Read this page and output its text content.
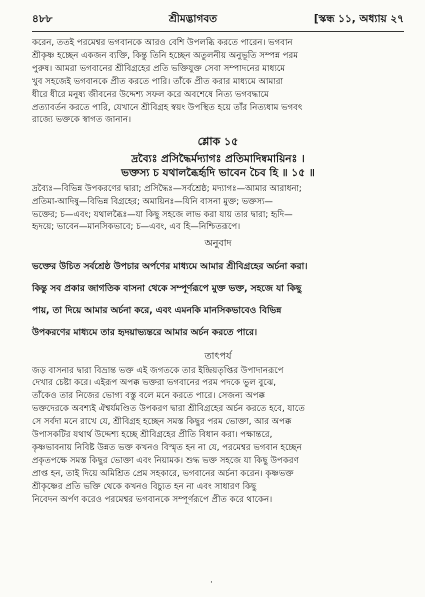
৪৮৮	শ্রীমদ্ভাগবত	[স্কন্ধ ১১, অধ্যায় ২৭

করেন, ততই পরমেশ্বর ভগবানকে আরও বেশি উপলব্ধি করতে পারেন। ভগবান

শ্রীকৃষ্ণ হচ্ছেন একজন ব্যক্তি, কিন্তু তিনি হচ্ছেন অতুলনীয় অনুভূতি সম্পন্ন পরম

পুরুষ। আমরা ভগবানের শ্রীবিগ্রহের প্রতি ভক্তিযুক্ত সেবা সম্পাদনের মাধ্যমে

খুব সহজেই ভগবানকে প্রীত করতে পারি। তাঁকে প্রীত করার মাধ্যমে আমারা

ধীরে ধীরে মনুষ্য জীবনের উদ্দেশ্য সফল করে অবশেষে নিত্য ভগবদ্ধামে

প্রত্যাবর্তন করতে পারি, যেখানে শ্রীবিগ্রহ স্বয়ং উপস্থিত হয়ে তাঁর নিত্যধাম ভগবৎ

রাজ্যে ভক্তকে স্বাগত জানান।

শ্লোক ১৫
দ্রব্যৈঃ প্রসিদ্ধৈর্মদ্যাগঃ প্রতিমাদিষ্বমায়িনঃ ।
ভক্তস্য চ যথালব্ধৈর্হৃদি ভাবেন চৈব হি ॥ ১৫ ॥
দ্রব্যৈঃ—বিভিন্ন উপকরণের দ্বারা; প্রসিদ্ধৈঃ—সর্বশ্রেষ্ঠ; মদ্যাগঃ—আমার আরাধনা;
প্রতিমা-আদিষু—বিভিন্ন বিগ্রহের; অমায়িনঃ—যিনি বাসনা মুক্ত; ভক্তস্য—
ভক্তের; চ—এবং; যথালব্ধৈঃ—যা কিছু সহজে লাভ করা যায় তার দ্বারা; হৃদি—
হৃদয়ে; ভাবেন—মানসিকভাবে; চ—এবং, এব হি—নিশ্চিতরূপে।
অনুবাদ

ভক্তের উচিত সর্বশ্রেষ্ঠ উপচার অর্পণের মাধ্যমে আমার শ্রীবিগ্রহের অর্চনা করা।

কিন্তু সব প্রকার জাগতিক বাসনা থেকে সম্পূর্ণরূপে মুক্ত ভক্ত, সহজে যা কিছু

পায়, তা দিয়ে আমার অর্চনা করে, এবং এমনকি মানসিকভাবেও বিভিন্ন

উপকরণের মাধ্যমে তার হৃদয়াভ্যন্তরে আমার অর্চন করতে পারে।

তাৎপর্য

জড় বাসনার দ্বারা বিভ্রান্ত ভক্ত এই জগতকে তার ইন্দ্রিয়তৃপ্তির উপাদানরূপে

দেখার চেষ্টা করে। এইরূপ অপক্ক ভক্তরা ভগবানের পরম পদকে ভুল বুঝে,

তাঁকেও তার নিজের ভোগ্য বস্তু বলে মনে করতে পারে। সেজন্য অপক্ক

ভক্তদেরকে অবশ্যই ঐশ্বর্যমণ্ডিত উপকরণ দ্বারা শ্রীবিগ্রহের অর্চন করতে হবে, যাতে

সে সর্বদা মনে রাখে যে, শ্রীবিগ্রহ হচ্ছেন সমস্ত কিছুর পরম ভোক্তা, আর অপক্ক

উপাসকটির যথার্থ উদ্দেশ্য হচ্ছে শ্রীবিগ্রহের প্রীতি বিধান করা। পক্ষান্তরে,

কৃষ্ণভাবনায় নিবিষ্ট উন্নত ভক্ত কখনও বিস্মৃত হন না যে, পরমেশ্বর ভগবান হচ্ছেন

প্রকৃতপক্ষে সমস্ত কিছুর ভোক্তা এবং নিয়ামক। শুদ্ধ ভক্ত সহজে যা কিছু উপকরণ

প্রাপ্ত হন, তাই দিয়ে অমিশ্রিত প্রেম সহকারে, ভগবানের অর্চনা করেন। কৃষ্ণভক্ত

শ্রীকৃষ্ণের প্রতি ভক্তি থেকে কখনও বিচ্যুত হন না এবং সাধারণ কিছু

নিবেদন অর্পণ করেও পরমেশ্বর ভগবানকে সম্পূর্ণরূপে প্রীত করে থাকেন।

·
